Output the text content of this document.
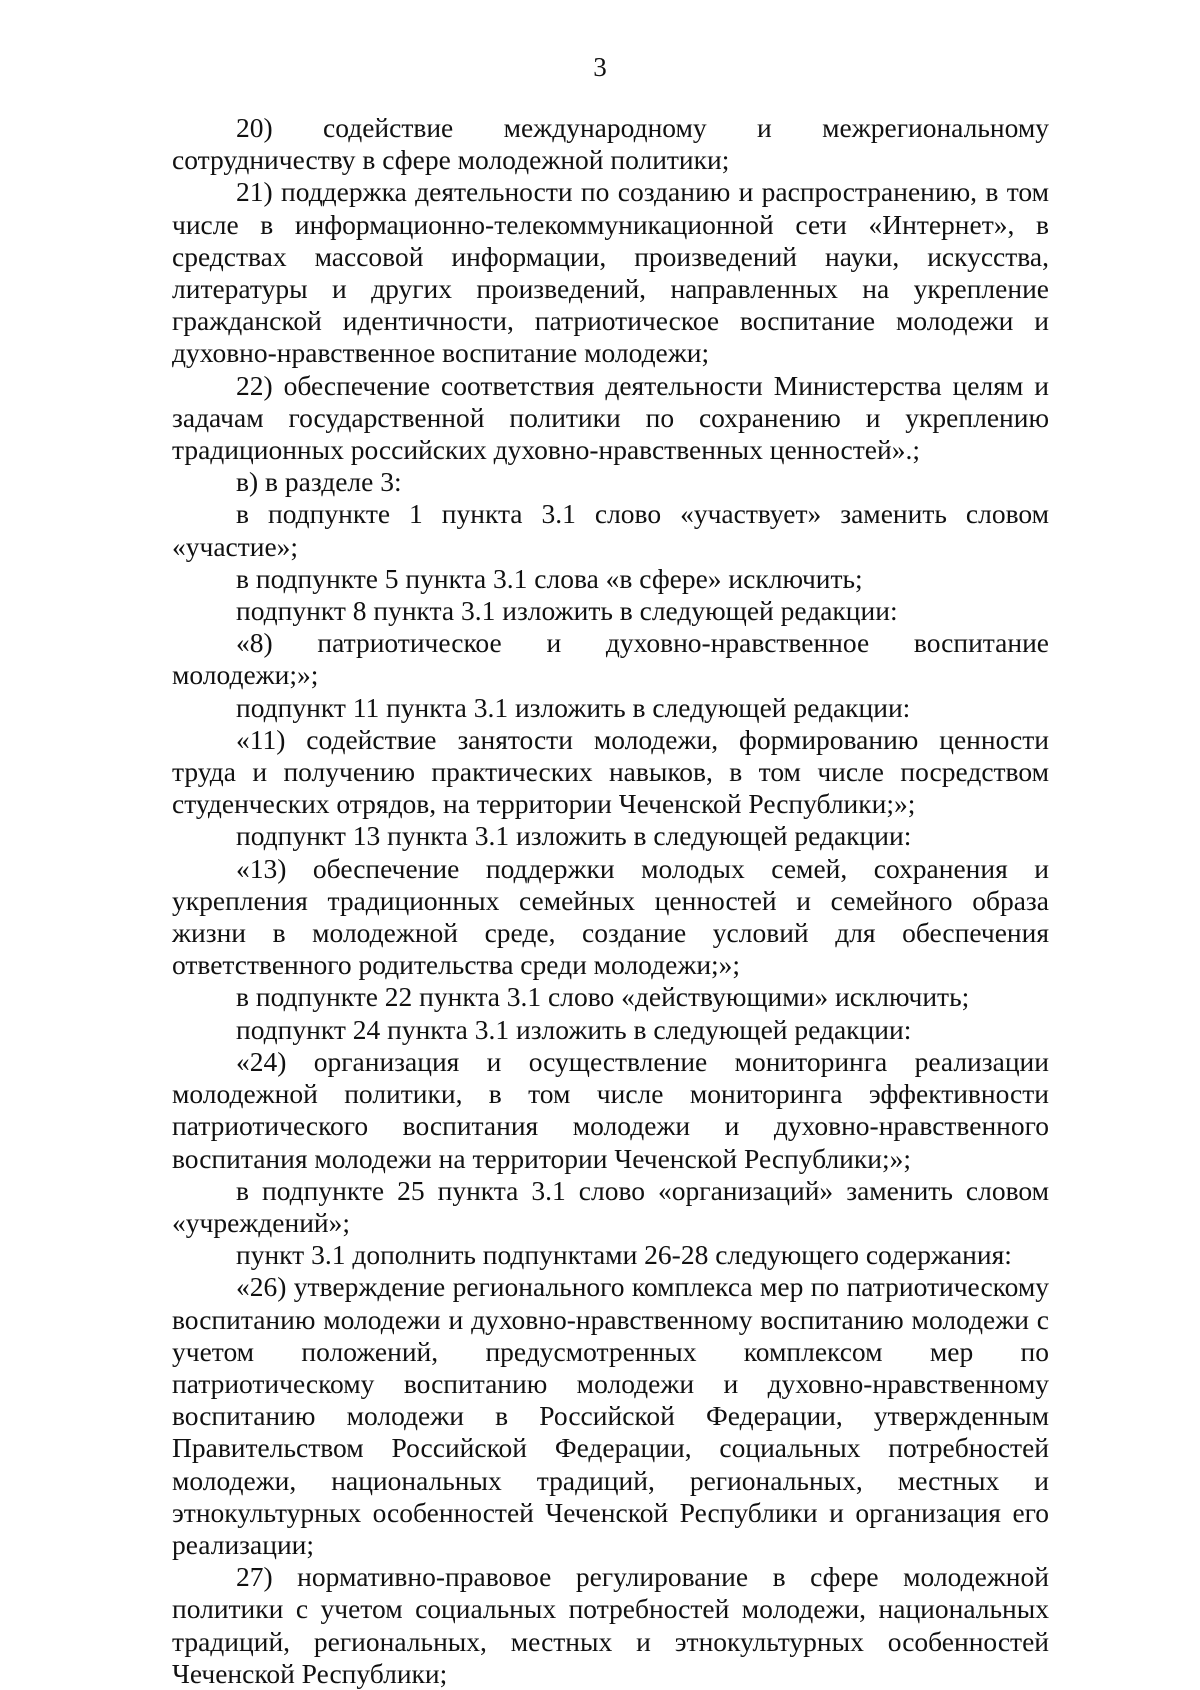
3

20) содействие международному и межрегиональному сотрудничеству в сфере молодежной политики;

21) поддержка деятельности по созданию и распространению, в том числе в информационно-телекоммуникационной сети «Интернет», в средствах массовой информации, произведений науки, искусства, литературы и других произведений, направленных на укрепление гражданской идентичности, патриотическое воспитание молодежи и духовно-нравственное воспитание молодежи;

22) обеспечение соответствия деятельности Министерства целям и задачам государственной политики по сохранению и укреплению традиционных российских духовно-нравственных ценностей».;

в) в разделе 3:

в подпункте 1 пункта 3.1 слово «участвует» заменить словом «участие»;

в подпункте 5 пункта 3.1 слова «в сфере» исключить;

подпункт 8 пункта 3.1 изложить в следующей редакции:

«8) патриотическое и духовно-нравственное воспитание молодежи;»;

подпункт 11 пункта 3.1 изложить в следующей редакции:

«11) содействие занятости молодежи, формированию ценности труда и получению практических навыков, в том числе посредством студенческих отрядов, на территории Чеченской Республики;»;

подпункт 13 пункта 3.1 изложить в следующей редакции:

«13) обеспечение поддержки молодых семей, сохранения и укрепления традиционных семейных ценностей и семейного образа жизни в молодежной среде, создание условий для обеспечения ответственного родительства среди молодежи;»;

в подпункте 22 пункта 3.1 слово «действующими» исключить;

подпункт 24 пункта 3.1 изложить в следующей редакции:

«24) организация и осуществление мониторинга реализации молодежной политики, в том числе мониторинга эффективности патриотического воспитания молодежи и духовно-нравственного воспитания молодежи на территории Чеченской Республики;»;

в подпункте 25 пункта 3.1 слово «организаций» заменить словом «учреждений»;

пункт 3.1 дополнить подпунктами 26-28 следующего содержания:

«26) утверждение регионального комплекса мер по патриотическому воспитанию молодежи и духовно-нравственному воспитанию молодежи с учетом положений, предусмотренных комплексом мер по патриотическому воспитанию молодежи и духовно-нравственному воспитанию молодежи в Российской Федерации, утвержденным Правительством Российской Федерации, социальных потребностей молодежи, национальных традиций, региональных, местных и этнокультурных особенностей Чеченской Республики и организация его реализации;

27) нормативно-правовое регулирование в сфере молодежной политики с учетом социальных потребностей молодежи, национальных традиций, региональных, местных и этнокультурных особенностей Чеченской Республики;
